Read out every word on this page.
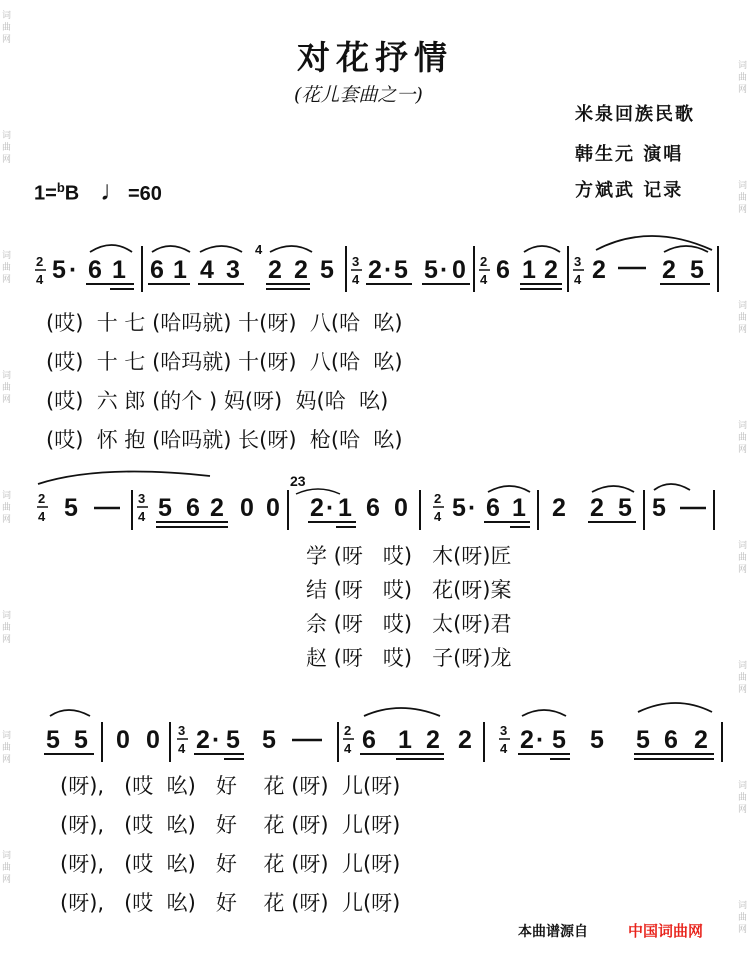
词曲网
词曲网
词曲网
词曲网
词曲网
词曲网
词曲网
词曲网
词曲网
词曲网
词曲网
词曲网
词曲网
词曲网
词曲网
词曲网
对花抒情
(花儿套曲之一)
米泉回族民歌
韩生元 演唱
方斌武 记录
1=$^b$B ♩=60
2
4 5 · 6 1 6 1 4 3
4
2 2 5 3
4 2 · 5 5 · 0 2
4 6 1 2 3
4 2 2 5
2
4 5	3
4 5 6 2 0 0
23
2 · 1 6 0 2
4 5 · 6 1 2 2 5 5
5 5 0 0 3
4 2 · 5 5	2
4 6 1 2 2 3
4 2 · 5 5 5 6 2
(哎)  十 七 (哈吗就) 十(呀)  八(哈  吆)
(哎)  十 七 (哈玛就) 十(呀)  八(哈  吆)
(哎)  六 郎 (的个 ) 妈(呀)  妈(哈  吆)
(哎)  怀 抱 (哈吗就) 长(呀)  枪(哈  吆)
学 (呀   哎)   木(呀)匠
结 (呀   哎)   花(呀)案
佘 (呀   哎)   太(呀)君
赵 (呀   哎)   子(呀)龙
(呀),   (哎  吆)   好    花 (呀)  儿(呀)
(呀),   (哎  吆)   好    花 (呀)  儿(呀)
(呀),   (哎  吆)   好    花 (呀)  儿(呀)
(呀),   (哎  吆)   好    花 (呀)  儿(呀)
本曲谱源自	中国词曲网
